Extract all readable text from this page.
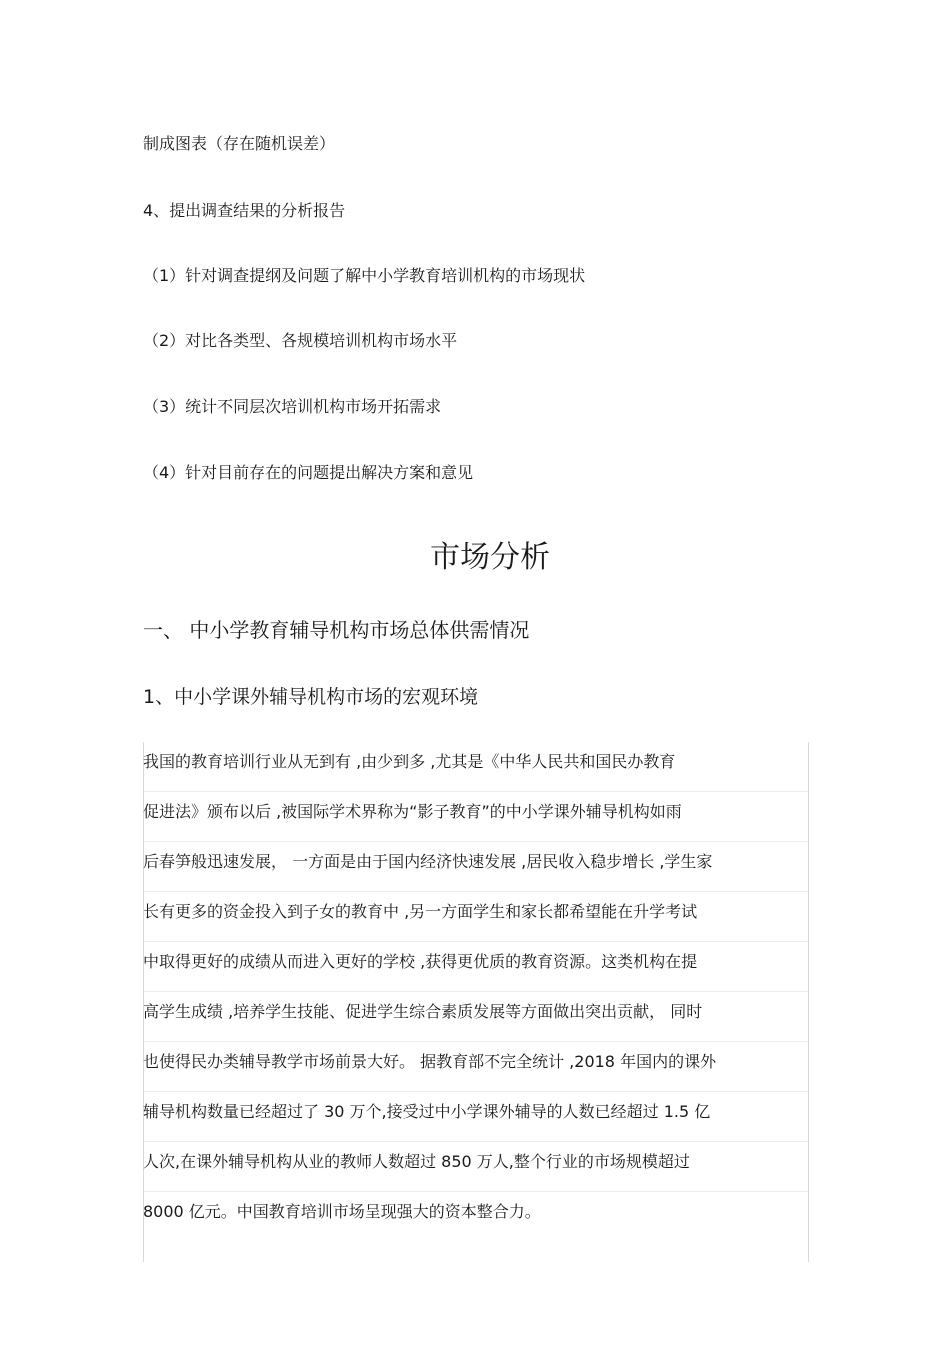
制成图表（存在随机误差）
4、提出调查结果的分析报告
（1）针对调查提纲及问题了解中小学教育培训机构的市场现状
（2）对比各类型、各规模培训机构市场水平
（3）统计不同层次培训机构市场开拓需求
（4）针对目前存在的问题提出解决方案和意见
市场分析
一、 中小学教育辅导机构市场总体供需情况
1、中小学课外辅导机构市场的宏观环境
我国的教育培训行业从无到有 ,由少到多 ,尤其是《中华人民共和国民办教育
促进法》颁布以后 ,被国际学术界称为“影子教育”的中小学课外辅导机构如雨
后春笋般迅速发展， 一方面是由于国内经济快速发展 ,居民收入稳步增长 ,学生家
长有更多的资金投入到子女的教育中 ,另一方面学生和家长都希望能在升学考试
中取得更好的成绩从而进入更好的学校 ,获得更优质的教育资源。这类机构在提
高学生成绩 ,培养学生技能、促进学生综合素质发展等方面做出突出贡献， 同时
也使得民办类辅导教学市场前景大好。 据教育部不完全统计 ,2018 年国内的课外
辅导机构数量已经超过了 30 万个,接受过中小学课外辅导的人数已经超过 1.5 亿
人次,在课外辅导机构从业的教师人数超过 850 万人,整个行业的市场规模超过
8000 亿元。中国教育培训市场呈现强大的资本整合力。
